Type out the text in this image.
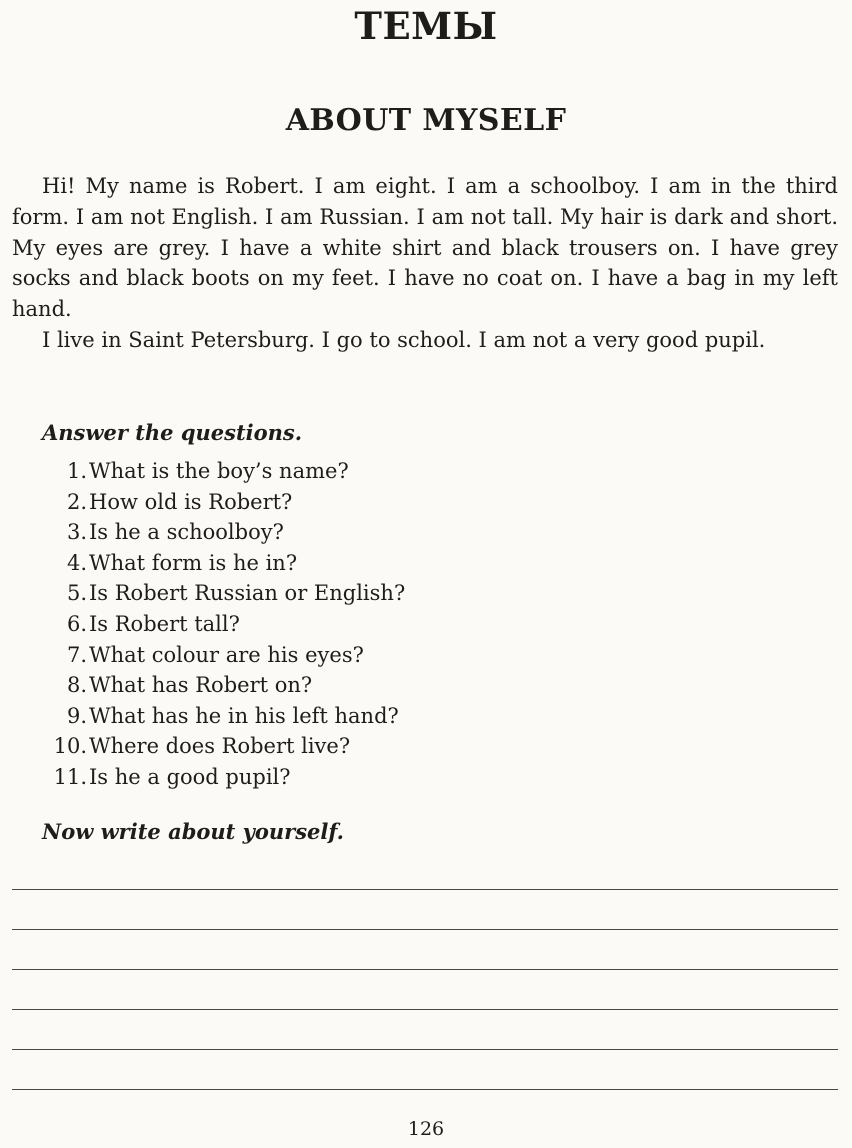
ТЕМЫ
ABOUT MYSELF

Hi! My name is Robert. I am eight. I am a schoolboy. I am in the third form. I am not English. I am Russian. I am not tall. My hair is dark and short. My eyes are grey. I have a white shirt and black trousers on. I have grey socks and black boots on my feet. I have no coat on. I have a bag in my left hand.

I live in Saint Petersburg. I go to school. I am not a very good pupil.

Answer the questions.
1. What is the boy’s name?
2. How old is Robert?
3. Is he a schoolboy?
4. What form is he in?
5. Is Robert Russian or English?
6. Is Robert tall?
7. What colour are his eyes?
8. What has Robert on?
9. What has he in his left hand?
10. Where does Robert live?
11. Is he a good pupil?
Now write about yourself.
126
